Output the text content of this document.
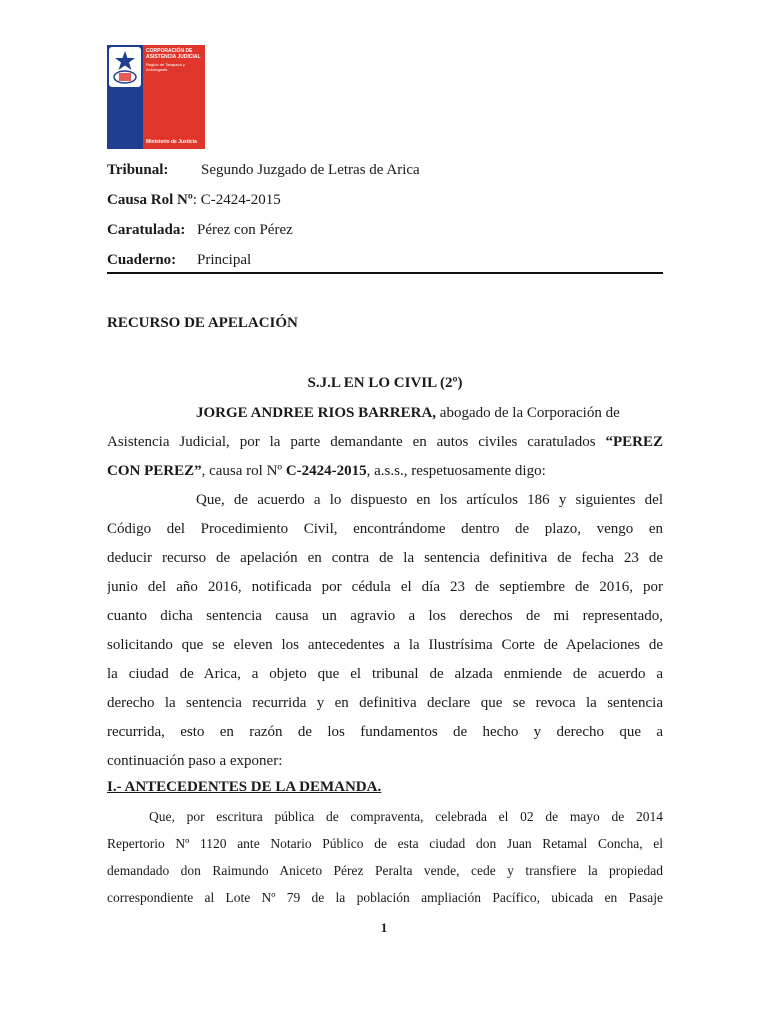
CORPORACIÓN DE ASISTENCIA JUDICIAL
Región de Tarapacá y Antofagasta
Ministerio de Justicia
Tribunal: Segundo Juzgado de Letras de Arica
Causa Rol Nº: C-2424-2015
Caratulada: Pérez con Pérez
Cuaderno: Principal
RECURSO DE APELACIÓN
S.J.L EN LO CIVIL (2º)
JORGE ANDREE RIOS BARRERA, abogado de la Corporación de
Asistencia Judicial, por la parte demandante en autos civiles caratulados “PEREZ
CON PEREZ”, causa rol Nº C-2424-2015, a.s.s., respetuosamente digo:
Que, de acuerdo a lo dispuesto en los artículos 186 y siguientes del
Código del Procedimiento Civil, encontrándome dentro de plazo, vengo en
deducir recurso de apelación en contra de la sentencia definitiva de fecha 23 de
junio del año 2016, notificada por cédula el día 23 de septiembre de 2016, por
cuanto dicha sentencia causa un agravio a los derechos de mi representado,
solicitando que se eleven los antecedentes a la Ilustrísima Corte de Apelaciones de
la ciudad de Arica, a objeto que el tribunal de alzada enmiende de acuerdo a
derecho la sentencia recurrida y en definitiva declare que se revoca la sentencia
recurrida, esto en razón de los fundamentos de hecho y derecho que a
continuación paso a exponer:
I.- ANTECEDENTES DE LA DEMANDA.
Que, por escritura pública de compraventa, celebrada el 02 de mayo de 2014
Repertorio Nº 1120 ante Notario Público de esta ciudad don Juan Retamal Concha, el
demandado don Raimundo Aniceto Pérez Peralta vende, cede y transfiere la propiedad
correspondiente al Lote Nº 79 de la población ampliación Pacífico, ubicada en Pasaje
1
